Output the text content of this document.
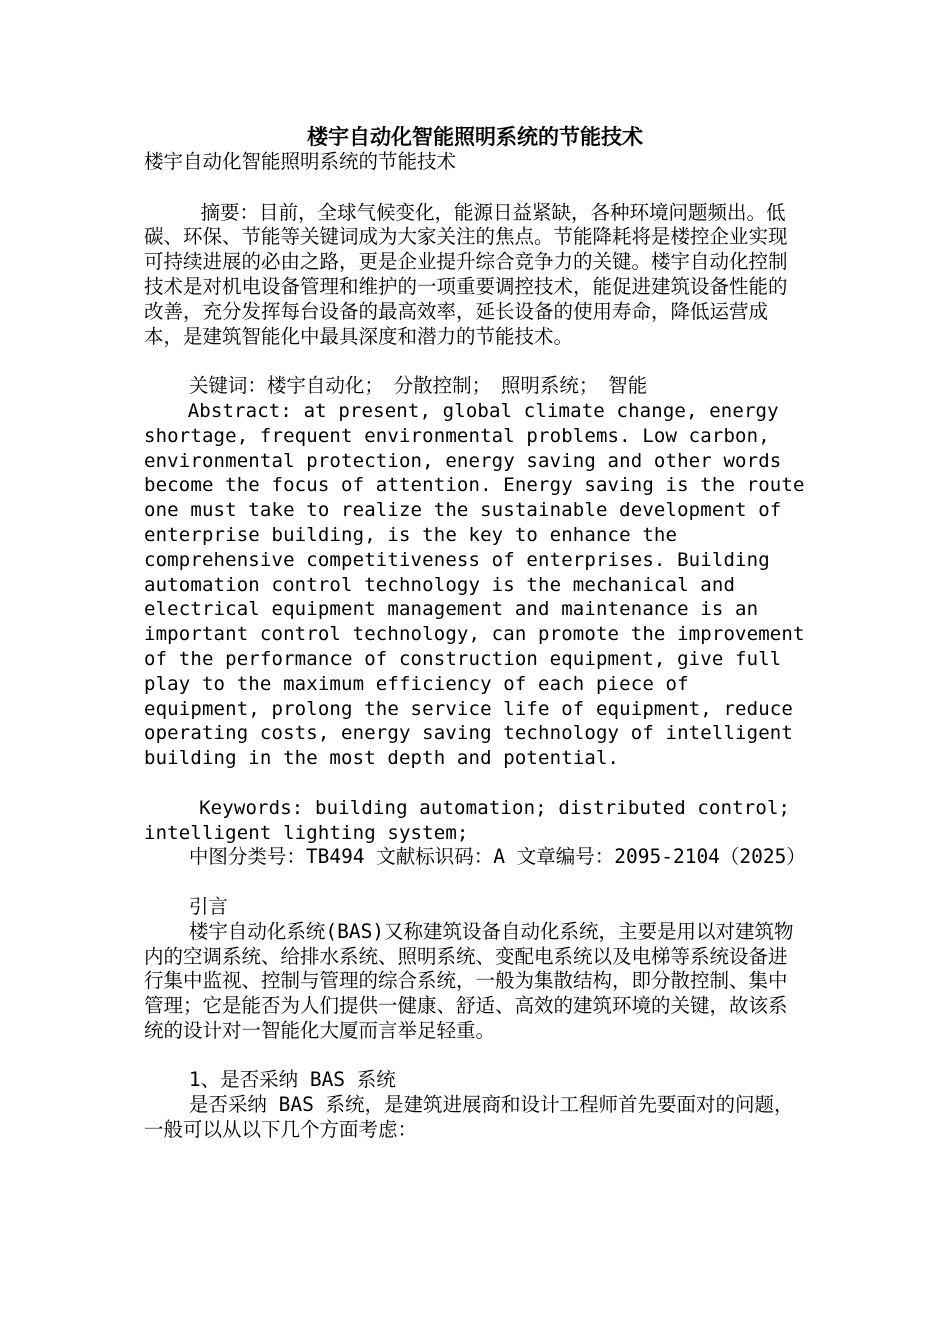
楼宇自动化智能照明系统的节能技术

楼宇自动化智能照明系统的节能技术

摘要：目前，全球气候变化，能源日益紧缺，各种环境问题频出。低碳、环保、节能等关键词成为大家关注的焦点。节能降耗将是楼控企业实现可持续进展的必由之路，更是企业提升综合竞争力的关键。楼宇自动化控制技术是对机电设备管理和维护的一项重要调控技术，能促进建筑设备性能的改善，充分发挥每台设备的最高效率，延长设备的使用寿命，降低运营成本，是建筑智能化中最具深度和潜力的节能技术。

关键词：楼宇自动化；　分散控制；　照明系统；　智能

Abstract: at present, global climate change, energy shortage, frequent environmental problems. Low carbon, environmental protection, energy saving and other words become the focus of attention. Energy saving is the route one must take to realize the sustainable development of enterprise building, is the key to enhance the comprehensive competitiveness of enterprises. Building automation control technology is the mechanical and electrical equipment management and maintenance is an important control technology, can promote the improvement of the performance of construction equipment, give full play to the maximum efficiency of each piece of equipment, prolong the service life of equipment, reduce operating costs, energy saving technology of intelligent building in the most depth and potential.

Keywords: building automation; distributed control; intelligent lighting system;

中图分类号：TB494 文献标识码：A 文章编号：2095-2104（2025）

引言

楼宇自动化系统(BAS)又称建筑设备自动化系统，主要是用以对建筑物内的空调系统、给排水系统、照明系统、变配电系统以及电梯等系统设备进行集中监视、控制与管理的综合系统，一般为集散结构，即分散控制、集中管理；它是能否为人们提供一健康、舒适、高效的建筑环境的关键，故该系统的设计对一智能化大厦而言举足轻重。

1、是否采纳 BAS 系统

是否采纳 BAS 系统，是建筑进展商和设计工程师首先要面对的问题，一般可以从以下几个方面考虑：
